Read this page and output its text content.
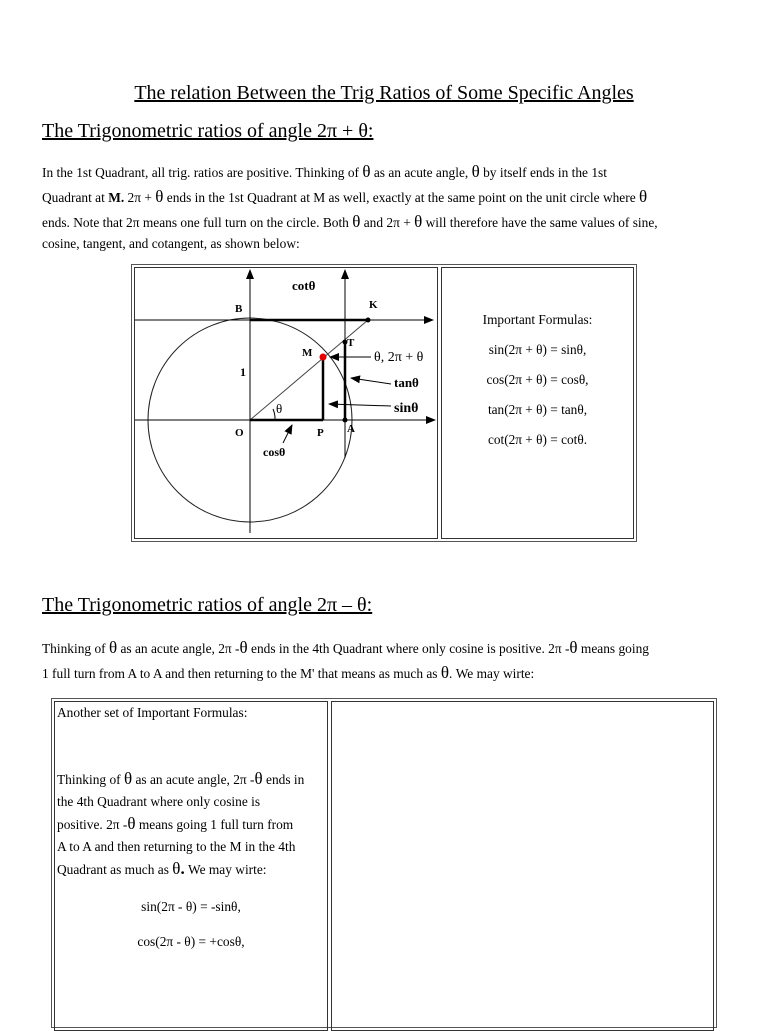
The relation Between the Trig Ratios of Some Specific Angles
The Trigonometric ratios of angle 2π + θ:
In the 1st Quadrant, all trig. ratios are positive. Thinking of θ as an acute angle, θ by itself ends in the 1st
Quadrant at M. 2π + θ ends in the 1st Quadrant at M as well, exactly at the same point on the unit circle where θ
ends. Note that 2π means one full turn on the circle. Both θ and 2π + θ will therefore have the same values of sine,
cosine, tangent, and cotangent, as shown below:
B	K
cotθ
T
M	θ, 2π + θ
1
tanθ
sinθ
θ
O	P A
cosθ
Important Formulas:
sin(2π + θ) = sinθ,
cos(2π + θ) = cosθ,
tan(2π + θ) = tanθ,
cot(2π + θ) = cotθ.
The Trigonometric ratios of angle 2π – θ:
Thinking of θ as an acute angle, 2π -θ ends in the 4th Quadrant where only cosine is positive. 2π -θ means going
1 full turn from A to A and then returning to the M' that means as much as θ. We may wirte:
Another set of Important Formulas:
Thinking of θ as an acute angle, 2π -θ ends in
the 4th Quadrant where only cosine is
positive. 2π -θ means going 1 full turn from
A to A and then returning to the M in the 4th
Quadrant as much as θ. We may wirte:
sin(2π - θ) = -sinθ,
cos(2π - θ) = +cosθ,
